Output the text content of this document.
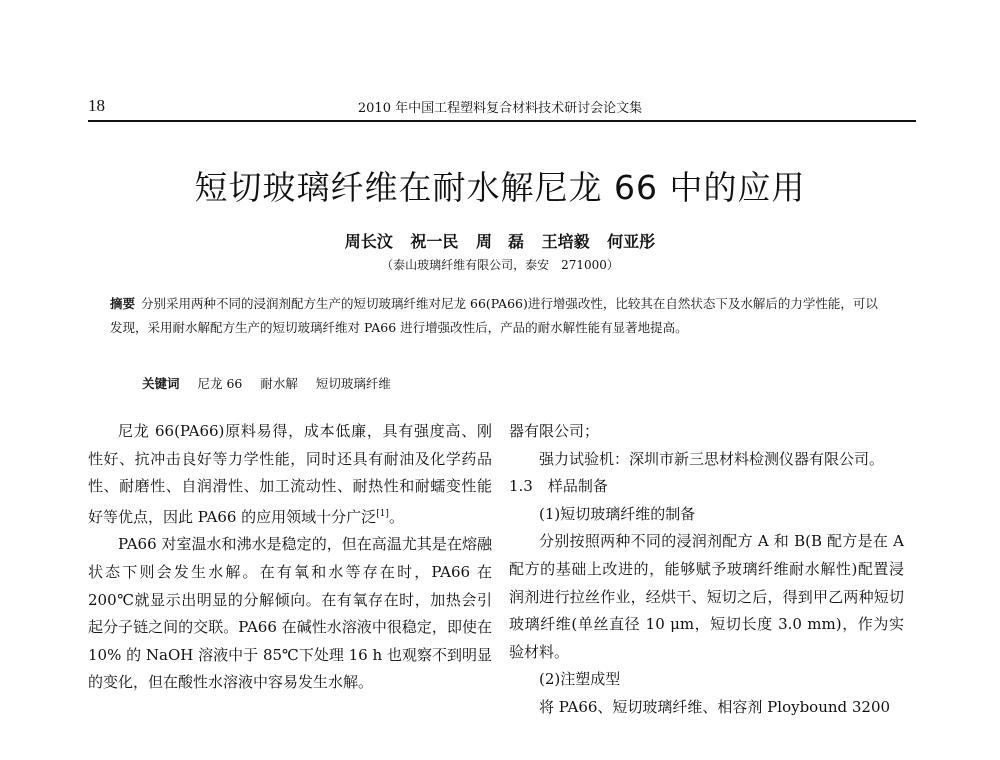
18	2010 年中国工程塑料复合材料技术研讨会论文集
短切玻璃纤维在耐水解尼龙 66 中的应用
周长汶 祝一民 周　磊 王培毅 何亚彤
（泰山玻璃纤维有限公司，泰安　271000）
摘要 分别采用两种不同的浸润剂配方生产的短切玻璃纤维对尼龙 66(PA66)进行增强改性，比较其在自然状态下及水解后的力学性能，可以发现，采用耐水解配方生产的短切玻璃纤维对 PA66 进行增强改性后，产品的耐水解性能有显著地提高。
关键词 尼龙 66 耐水解 短切玻璃纤维

尼龙 66(PA66)原料易得，成本低廉，具有强度高、刚性好、抗冲击良好等力学性能，同时还具有耐油及化学药品性、耐磨性、自润滑性、加工流动性、耐热性和耐蠕变性能好等优点，因此 PA66 的应用领域十分广泛[1]。

PA66 对室温水和沸水是稳定的，但在高温尤其是在熔融状态下则会发生水解。在有氧和水等存在时，PA66 在 200℃就显示出明显的分解倾向。在有氧存在时，加热会引起分子链之间的交联。PA66 在碱性水溶液中很稳定，即使在 10% 的 NaOH 溶液中于 85℃下处理 16 h 也观察不到明显的变化，但在酸性水溶液中容易发生水解。

器有限公司；

强力试验机：深圳市新三思材料检测仪器有限公司。

1.3　样品制备

(1)短切玻璃纤维的制备

分别按照两种不同的浸润剂配方 A 和 B(B 配方是在 A 配方的基础上改进的，能够赋予玻璃纤维耐水解性)配置浸润剂进行拉丝作业，经烘干、短切之后，得到甲乙两种短切玻璃纤维(单丝直径 10 μm，短切长度 3.0 mm)，作为实验材料。

(2)注塑成型

将 PA66、短切玻璃纤维、相容剂 Ploybound 3200
